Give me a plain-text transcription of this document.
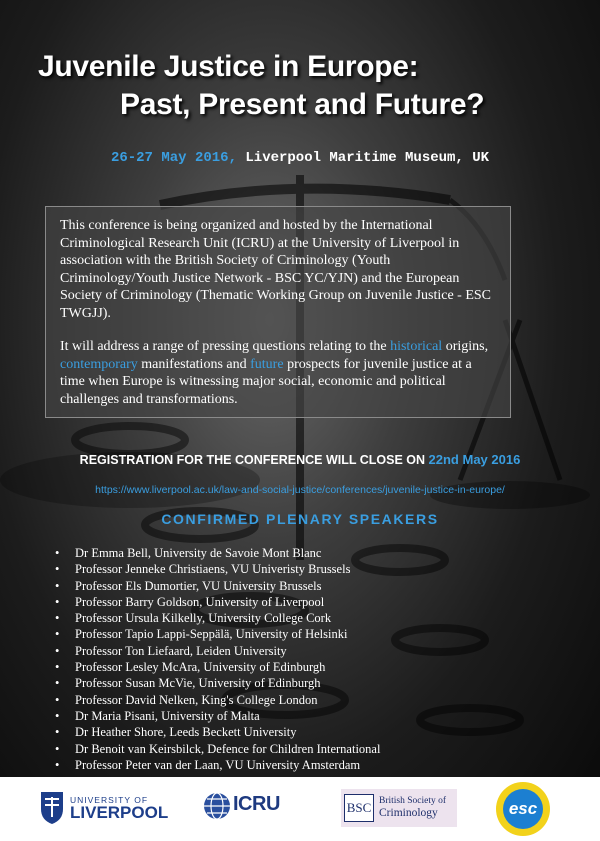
Juvenile Justice in Europe:
Past, Present and Future?
26-27 May 2016, Liverpool Maritime Museum, UK

This conference is being organized and hosted by the International Criminological Research Unit (ICRU) at the University of Liverpool in association with the British Society of Criminology (Youth Criminology/Youth Justice Network - BSC YC/YJN) and the European Society of Criminology (Thematic Working Group on Juvenile Justice - ESC TWGJJ).

It will address a range of pressing questions relating to the historical origins, contemporary manifestations and future prospects for juvenile justice at a time when Europe is witnessing major social, economic and political challenges and transformations.

REGISTRATION FOR THE CONFERENCE WILL CLOSE ON 22nd May 2016
https://www.liverpool.ac.uk/law-and-social-justice/conferences/juvenile-justice-in-europe/
CONFIRMED PLENARY SPEAKERS
• Dr Emma Bell, University de Savoie Mont Blanc
• Professor Jenneke Christiaens, VU Univeristy Brussels
• Professor Els Dumortier, VU University Brussels
• Professor Barry Goldson, University of Liverpool
• Professor Ursula Kilkelly, University College Cork
• Professor Tapio Lappi-Seppälä, University of Helsinki
• Professor Ton Liefaard, Leiden University
• Professor Lesley McAra, University of Edinburgh
• Professor Susan McVie, University of Edinburgh
• Professor David Nelken, King's College London
• Dr Maria Pisani, University of Malta
• Dr Heather Shore, Leeds Beckett University
• Dr Benoit van Keirsbilck, Defence for Children International
• Professor Peter van der Laan, VU University Amsterdam
UNIVERSITY OF
LIVERPOOL	ICRU	BSC British Society of
Criminology	esc
